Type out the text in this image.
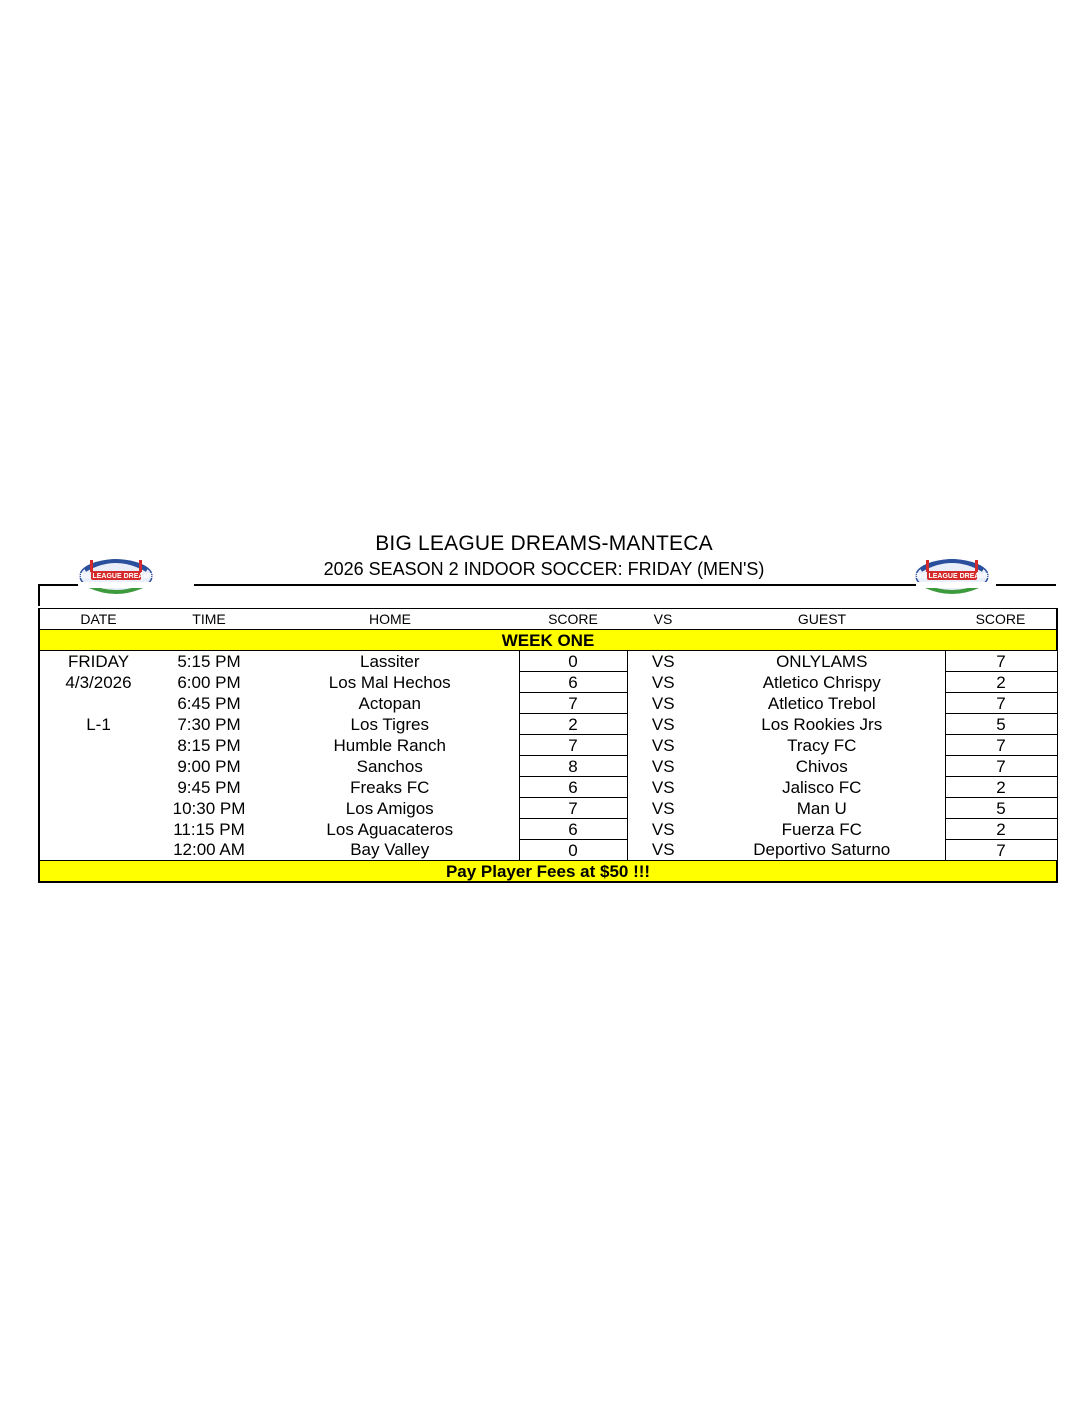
BIG LEAGUE DREAMS-MANTECA
2026 SEASON 2 INDOOR SOCCER: FRIDAY (MEN'S)
BIG LEAGUE DREAMS	BIG LEAGUE DREAMS
DATE	TIME	HOME	SCORE	VS	GUEST	SCORE
WEEK ONE						
FRIDAY	5:15 PM	Lassiter	0	VS	ONLYLAMS	7
4/3/2026	6:00 PM	Los Mal Hechos	6	VS	Atletico Chrispy	2
	6:45 PM	Actopan	7	VS	Atletico Trebol	7
L-1	7:30 PM	Los Tigres	2	VS	Los Rookies Jrs	5
	8:15 PM	Humble Ranch	7	VS	Tracy FC	7
	9:00 PM	Sanchos	8	VS	Chivos	7
	9:45 PM	Freaks FC	6	VS	Jalisco FC	2
	10:30 PM	Los Amigos	7	VS	Man U	5
	11:15 PM	Los Aguacateros	6	VS	Fuerza FC	2
	12:00 AM	Bay Valley	0	VS	Deportivo Saturno	7
Pay Player Fees at $50 !!!						
